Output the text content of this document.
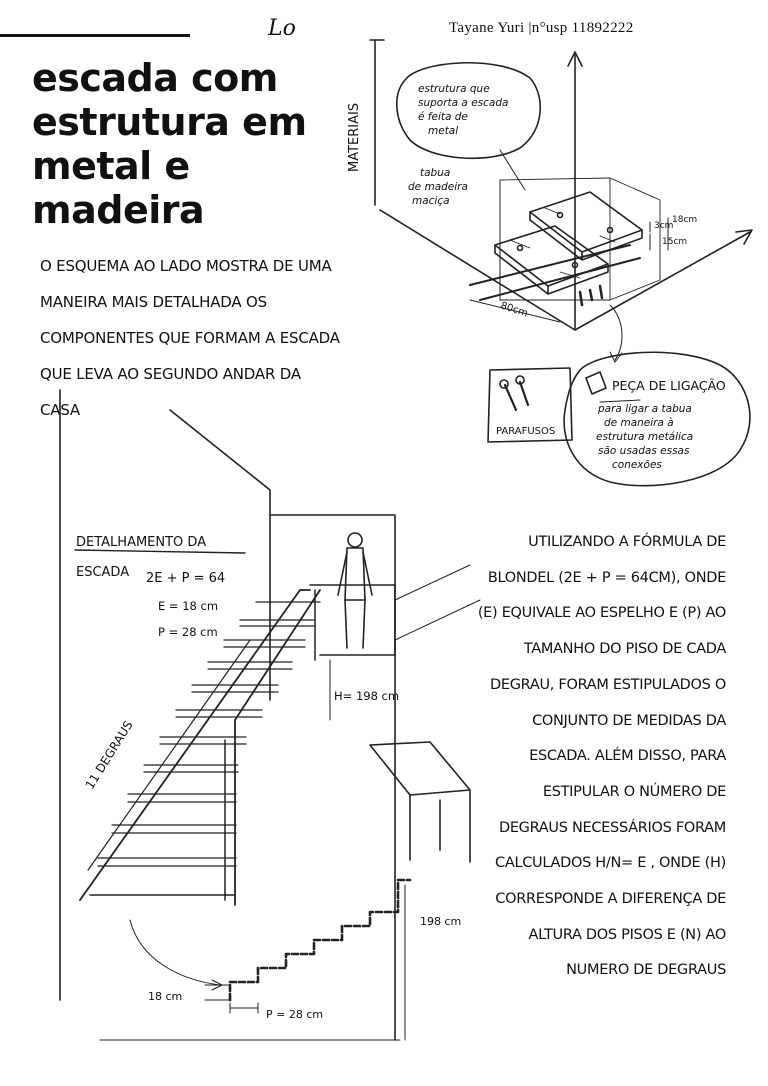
Lo	Tayane Yuri |n°usp 11892222
escada com estrutura em metal e madeira

O ESQUEMA AO LADO MOSTRA DE UMA MANEIRA MAIS DETALHADA OS COMPONENTES QUE FORMAM A ESCADA QUE LEVA AO SEGUNDO ANDAR DA CASA

UTILIZANDO A FÓRMULA DE BLONDEL (2E + P = 64CM), ONDE (E) EQUIVALE AO ESPELHO E (P) AO TAMANHO DO PISO DE CADA DEGRAU, FORAM ESTIPULADOS O CONJUNTO DE MEDIDAS DA ESCADA. ALÉM DISSO, PARA ESTIPULAR O NÚMERO DE DEGRAUS NECESSÁRIOS FORAM CALCULADOS H/N= E , ONDE (H) CORRESPONDE A DIFERENÇA DE ALTURA DOS PISOS E (N) AO NUMERO DE DEGRAUS

MATERIAIS
estrutura que suporta a escada é feita de metal
tabua de madeira maciça
3cm
15cm
18cm
80cm
PARAFUSOS
PEÇA DE LIGAÇÃO
para ligar a tabua de maneira à estrutura metálica são usadas essas conexões
DETALHAMENTO DA
ESCADA 2E + P = 64
E = 18 cm
P = 28 cm
11 DEGRAUS
H= 198 cm
198 cm
18 cm
P = 28 cm
